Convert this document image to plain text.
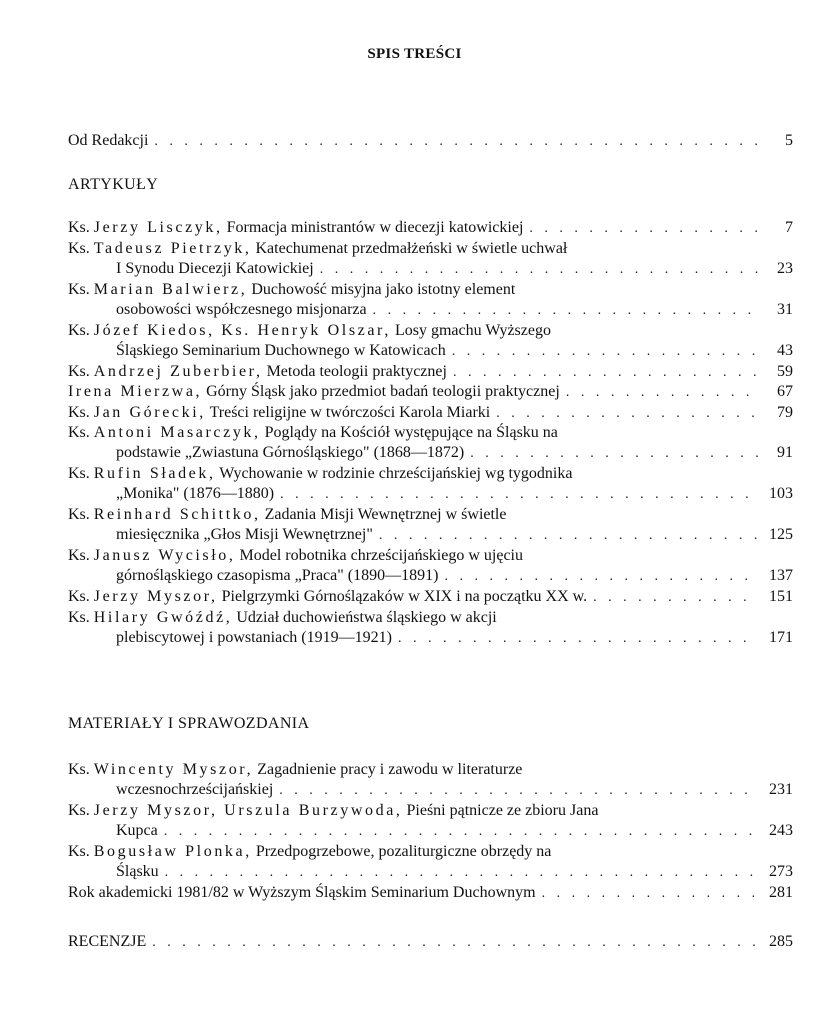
SPIS TREŚCI
Od Redakcji . . .	5
ARTYKUŁY
Ks. Jerzy Lisczyk, Formacja ministrantów w diecezji katowickiej . . .	7
Ks. Tadeusz Pietrzyk, Katechumenat przedmałżeński w świetle uchwał
I Synodu Diecezji Katowickiej . . .	23
Ks. Marian Balwierz, Duchowość misyjna jako istotny element
osobowości współczesnego misjonarza . . .	31
Ks. Józef Kiedos, Ks. Henryk Olszar, Losy gmachu Wyższego
Śląskiego Seminarium Duchownego w Katowicach . . .	43
Ks. Andrzej Zuberbier, Metoda teologii praktycznej . . .	59
Irena Mierzwa, Górny Śląsk jako przedmiot badań teologii praktycznej . . .	67
Ks. Jan Górecki, Treści religijne w twórczości Karola Miarki . . .	79
Ks. Antoni Masarczyk, Poglądy na Kościół występujące na Śląsku na
podstawie „Zwiastuna Górnośląskiego" (1868—1872) . . .	91
Ks. Rufin Sładek, Wychowanie w rodzinie chrześcijańskiej wg tygodnika
„Monika" (1876—1880) . . .	103
Ks. Reinhard Schittko, Zadania Misji Wewnętrznej w świetle
miesięcznika „Głos Misji Wewnętrznej" . . .	125
Ks. Janusz Wycisło, Model robotnika chrześcijańskiego w ujęciu
górnośląskiego czasopisma „Praca" (1890—1891) . . .	137
Ks. Jerzy Myszor, Pielgrzymki Górnoślązaków w XIX i na początku XX w. . . .	151
Ks. Hilary Gwóźdź, Udział duchowieństwa śląskiego w akcji
plebiscytowej i powstaniach (1919—1921) . . .	171
MATERIAŁY I SPRAWOZDANIA
Ks. Wincenty Myszor, Zagadnienie pracy i zawodu w literaturze
wczesnochrześcijańskiej . . .	231
Ks. Jerzy Myszor, Urszula Burzywoda, Pieśni pątnicze ze zbioru Jana
Kupca . . .	243
Ks. Bogusław Plonka, Przedpogrzebowe, pozaliturgiczne obrzędy na
Śląsku . . .	273
Rok akademicki 1981/82 w Wyższym Śląskim Seminarium Duchownym . . .	281
RECENZJE . . .	285
